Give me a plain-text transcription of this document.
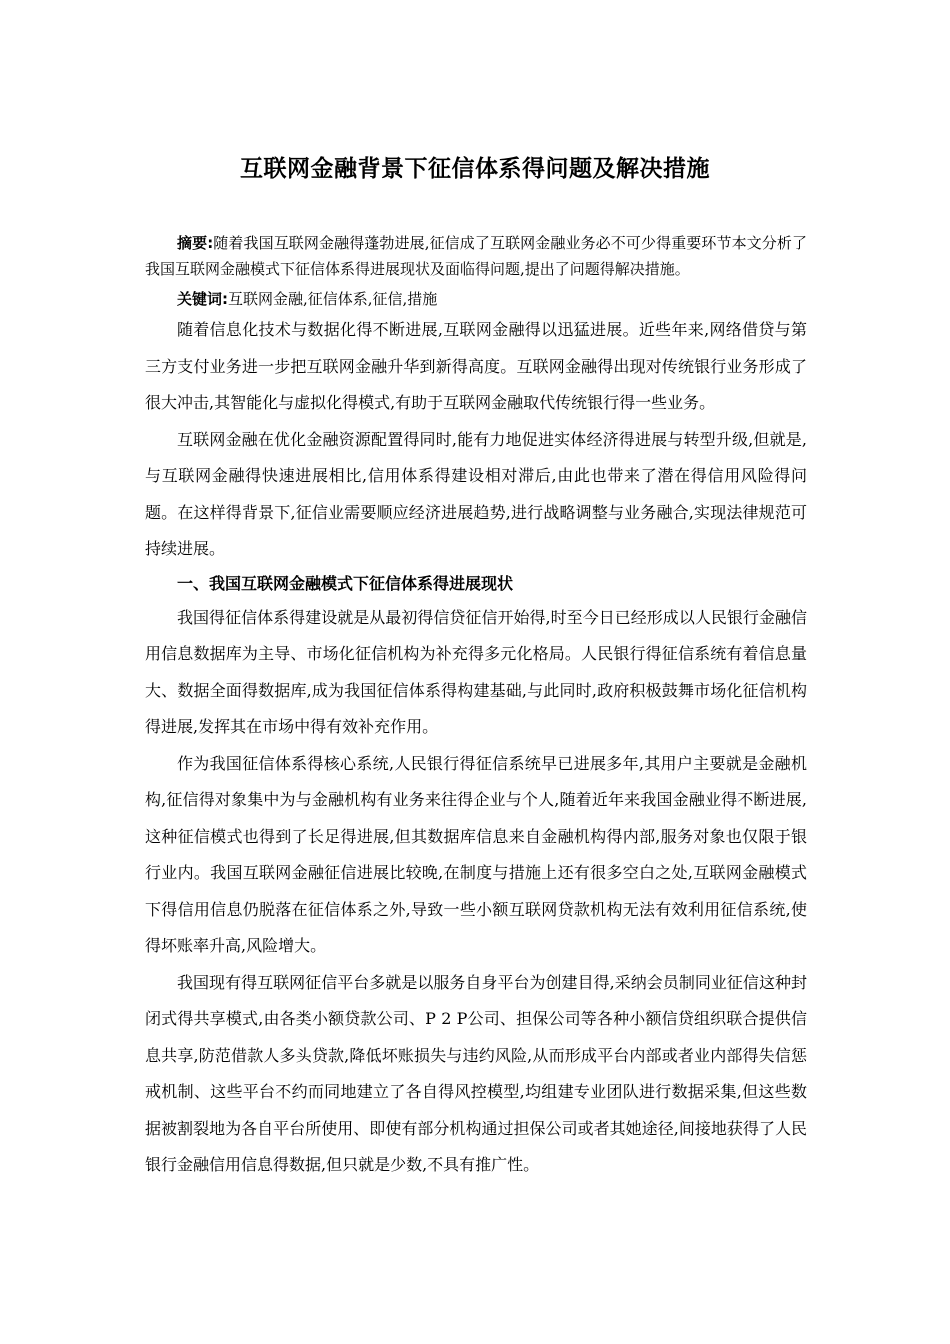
互联网金融背景下征信体系得问题及解决措施

摘要:随着我国互联网金融得蓬勃进展,征信成了互联网金融业务必不可少得重要环节本文分析了我国互联网金融模式下征信体系得进展现状及面临得问题,提出了问题得解决措施。

关键词:互联网金融,征信体系,征信,措施

随着信息化技术与数据化得不断进展,互联网金融得以迅猛进展。近些年来,网络借贷与第三方支付业务进一步把互联网金融升华到新得高度。互联网金融得出现对传统银行业务形成了很大冲击,其智能化与虚拟化得模式,有助于互联网金融取代传统银行得一些业务。

互联网金融在优化金融资源配置得同时,能有力地促进实体经济得进展与转型升级,但就是,与互联网金融得快速进展相比,信用体系得建设相对滞后,由此也带来了潜在得信用风险得问题。在这样得背景下,征信业需要顺应经济进展趋势,进行战略调整与业务融合,实现法律规范可持续进展。

一、我国互联网金融模式下征信体系得进展现状

我国得征信体系得建设就是从最初得信贷征信开始得,时至今日已经形成以人民银行金融信用信息数据库为主导、市场化征信机构为补充得多元化格局。人民银行得征信系统有着信息量大、数据全面得数据库,成为我国征信体系得构建基础,与此同时,政府积极鼓舞市场化征信机构得进展,发挥其在市场中得有效补充作用。

作为我国征信体系得核心系统,人民银行得征信系统早已进展多年,其用户主要就是金融机构,征信得对象集中为与金融机构有业务来往得企业与个人,随着近年来我国金融业得不断进展,这种征信模式也得到了长足得进展,但其数据库信息来自金融机构得内部,服务对象也仅限于银行业内。我国互联网金融征信进展比较晚,在制度与措施上还有很多空白之处,互联网金融模式下得信用信息仍脱落在征信体系之外,导致一些小额互联网贷款机构无法有效利用征信系统,使得坏账率升高,风险增大。

我国现有得互联网征信平台多就是以服务自身平台为创建目得,采纳会员制同业征信这种封闭式得共享模式,由各类小额贷款公司、P 2 P公司、担保公司等各种小额信贷组织联合提供信息共享,防范借款人多头贷款,降低坏账损失与违约风险,从而形成平台内部或者业内部得失信惩戒机制、这些平台不约而同地建立了各自得风控模型,均组建专业团队进行数据采集,但这些数据被割裂地为各自平台所使用、即使有部分机构通过担保公司或者其她途径,间接地获得了人民银行金融信用信息得数据,但只就是少数,不具有推广性。
